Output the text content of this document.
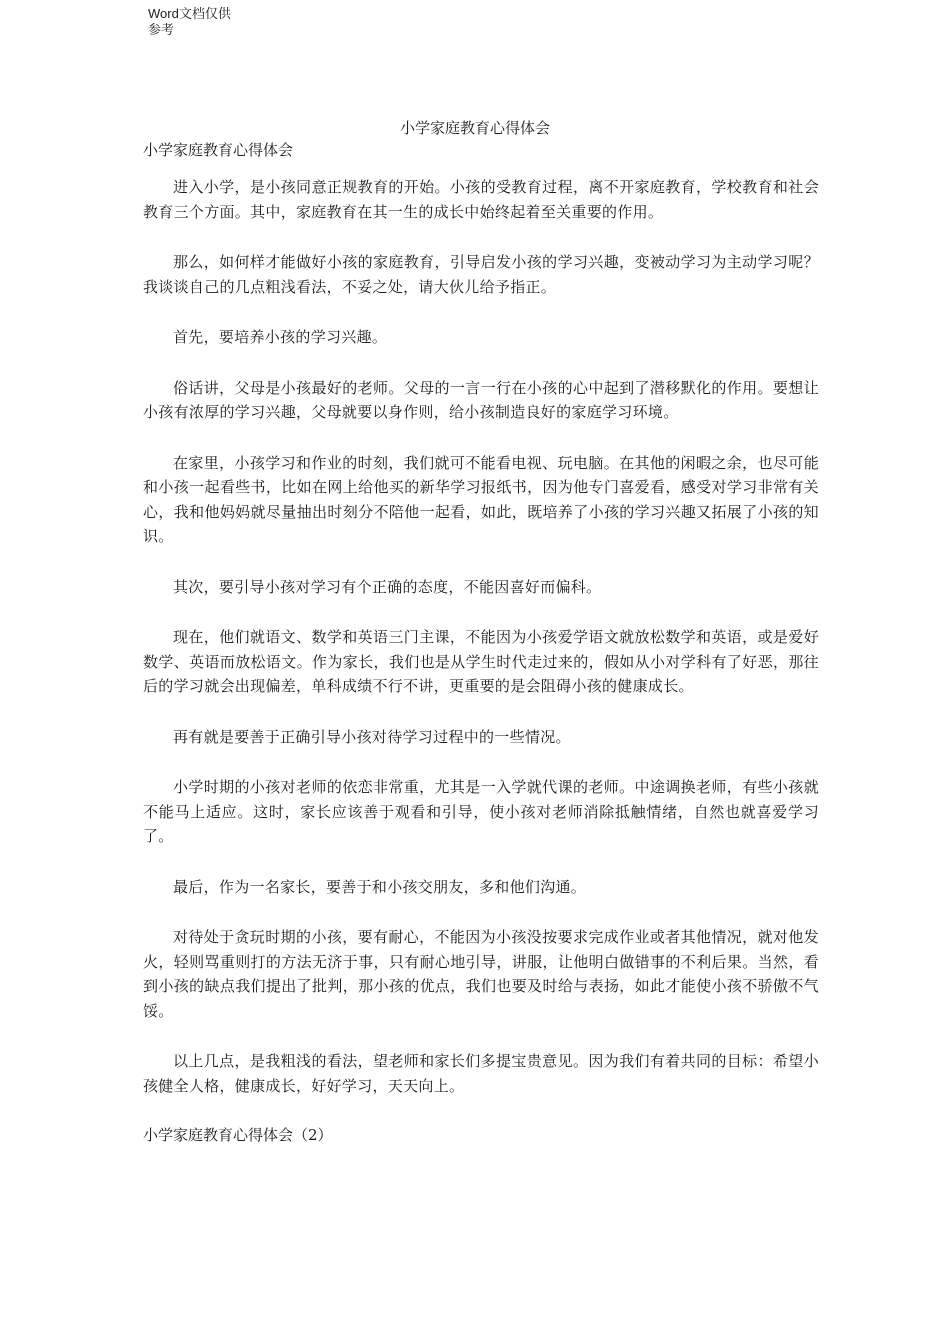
Word文档仅供参考
小学家庭教育心得体会

小学家庭教育心得体会

进入小学，是小孩同意正规教育的开始。小孩的受教育过程，离不开家庭教育，学校教育和社会教育三个方面。其中，家庭教育在其一生的成长中始终起着至关重要的作用。

那么，如何样才能做好小孩的家庭教育，引导启发小孩的学习兴趣，变被动学习为主动学习呢？我谈谈自己的几点粗浅看法，不妥之处，请大伙儿给予指正。

首先，要培养小孩的学习兴趣。

俗话讲，父母是小孩最好的老师。父母的一言一行在小孩的心中起到了潜移默化的作用。要想让小孩有浓厚的学习兴趣，父母就要以身作则，给小孩制造良好的家庭学习环境。

在家里，小孩学习和作业的时刻，我们就可不能看电视、玩电脑。在其他的闲暇之余，也尽可能和小孩一起看些书，比如在网上给他买的新华学习报纸书，因为他专门喜爱看，感受对学习非常有关心，我和他妈妈就尽量抽出时刻分不陪他一起看，如此，既培养了小孩的学习兴趣又拓展了小孩的知识。

其次，要引导小孩对学习有个正确的态度，不能因喜好而偏科。

现在，他们就语文、数学和英语三门主课，不能因为小孩爱学语文就放松数学和英语，或是爱好数学、英语而放松语文。作为家长，我们也是从学生时代走过来的，假如从小对学科有了好恶，那往后的学习就会出现偏差，单科成绩不行不讲，更重要的是会阻碍小孩的健康成长。

再有就是要善于正确引导小孩对待学习过程中的一些情况。

小学时期的小孩对老师的依恋非常重，尤其是一入学就代课的老师。中途调换老师，有些小孩就不能马上适应。这时，家长应该善于观看和引导，使小孩对老师消除抵触情绪，自然也就喜爱学习了。

最后，作为一名家长，要善于和小孩交朋友，多和他们沟通。

对待处于贪玩时期的小孩，要有耐心，不能因为小孩没按要求完成作业或者其他情况，就对他发火，轻则骂重则打的方法无济于事，只有耐心地引导，讲服，让他明白做错事的不利后果。当然，看到小孩的缺点我们提出了批判，那小孩的优点，我们也要及时给与表扬，如此才能使小孩不骄傲不气馁。

以上几点，是我粗浅的看法，望老师和家长们多提宝贵意见。因为我们有着共同的目标：希望小孩健全人格，健康成长，好好学习，天天向上。

小学家庭教育心得体会（2）
